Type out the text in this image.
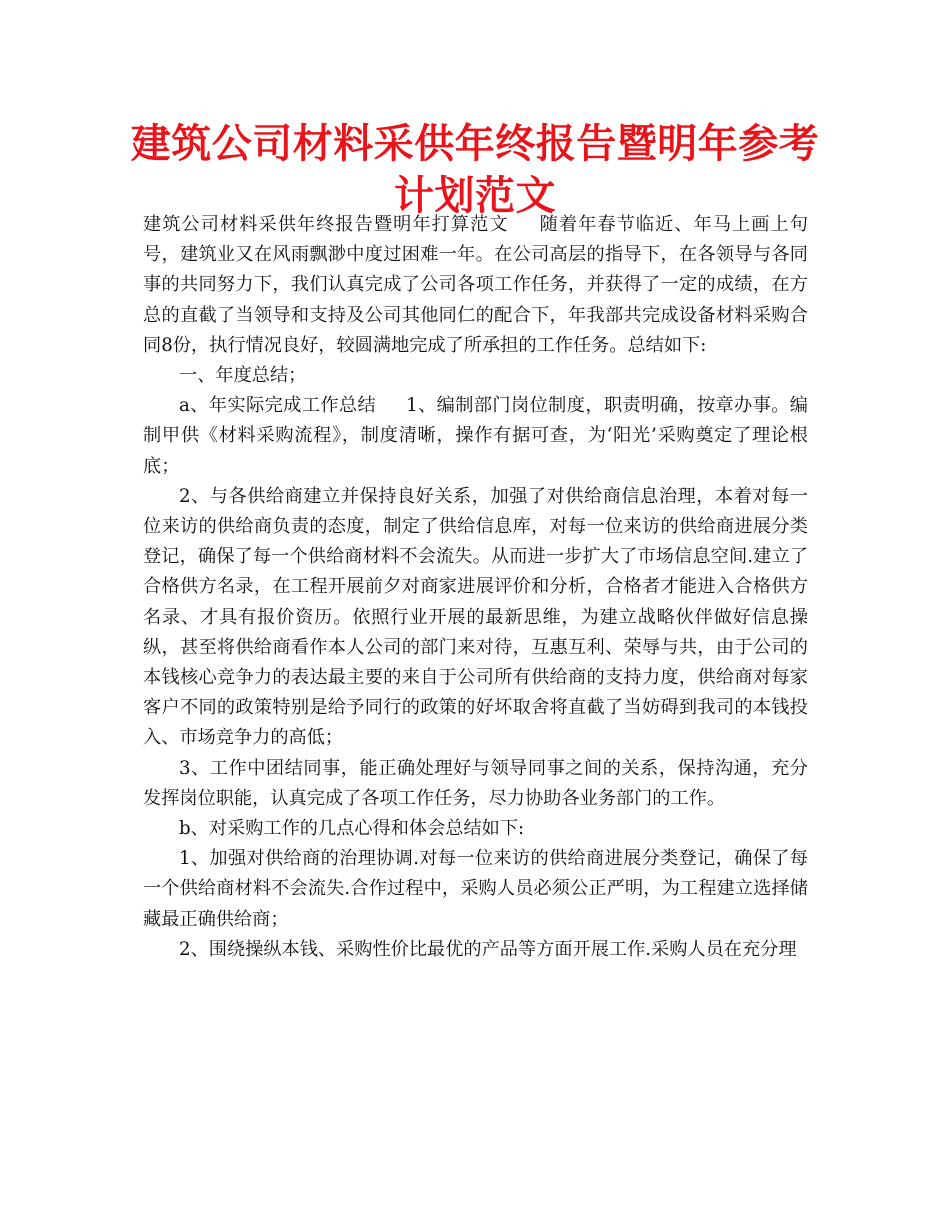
建筑公司材料采供年终报告暨明年参考计划范文

建筑公司材料采供年终报告暨明年打算范文 随着年春节临近、年马上画上句号，建筑业又在风雨飘渺中度过困难一年。在公司高层的指导下，在各领导与各同事的共同努力下，我们认真完成了公司各项工作任务，并获得了一定的成绩，在方总的直截了当领导和支持及公司其他同仁的配合下，年我部共完成设备材料采购合同8份，执行情况良好，较圆满地完成了所承担的工作任务。总结如下:

一、年度总结；

a、年实际完成工作总结 1、编制部门岗位制度，职责明确，按章办事。编制甲供《材料采购流程》，制度清晰，操作有据可查，为‘阳光’采购奠定了理论根底；

2、与各供给商建立并保持良好关系，加强了对供给商信息治理，本着对每一位来访的供给商负责的态度，制定了供给信息库，对每一位来访的供给商进展分类登记，确保了每一个供给商材料不会流失。从而进一步扩大了市场信息空间.建立了合格供方名录，在工程开展前夕对商家进展评价和分析，合格者才能进入合格供方名录、才具有报价资历。依照行业开展的最新思维，为建立战略伙伴做好信息操纵，甚至将供给商看作本人公司的部门来对待，互惠互利、荣辱与共，由于公司的本钱核心竞争力的表达最主要的来自于公司所有供给商的支持力度，供给商对每家客户不同的政策特别是给予同行的政策的好坏取舍将直截了当妨碍到我司的本钱投入、市场竞争力的高低；

3、工作中团结同事，能正确处理好与领导同事之间的关系，保持沟通，充分发挥岗位职能，认真完成了各项工作任务，尽力协助各业务部门的工作。

b、对采购工作的几点心得和体会总结如下:

1、加强对供给商的治理协调.对每一位来访的供给商进展分类登记，确保了每一个供给商材料不会流失.合作过程中，采购人员必须公正严明，为工程建立选择储藏最正确供给商；

2、围绕操纵本钱、采购性价比最优的产品等方面开展工作.采购人员在充分理
